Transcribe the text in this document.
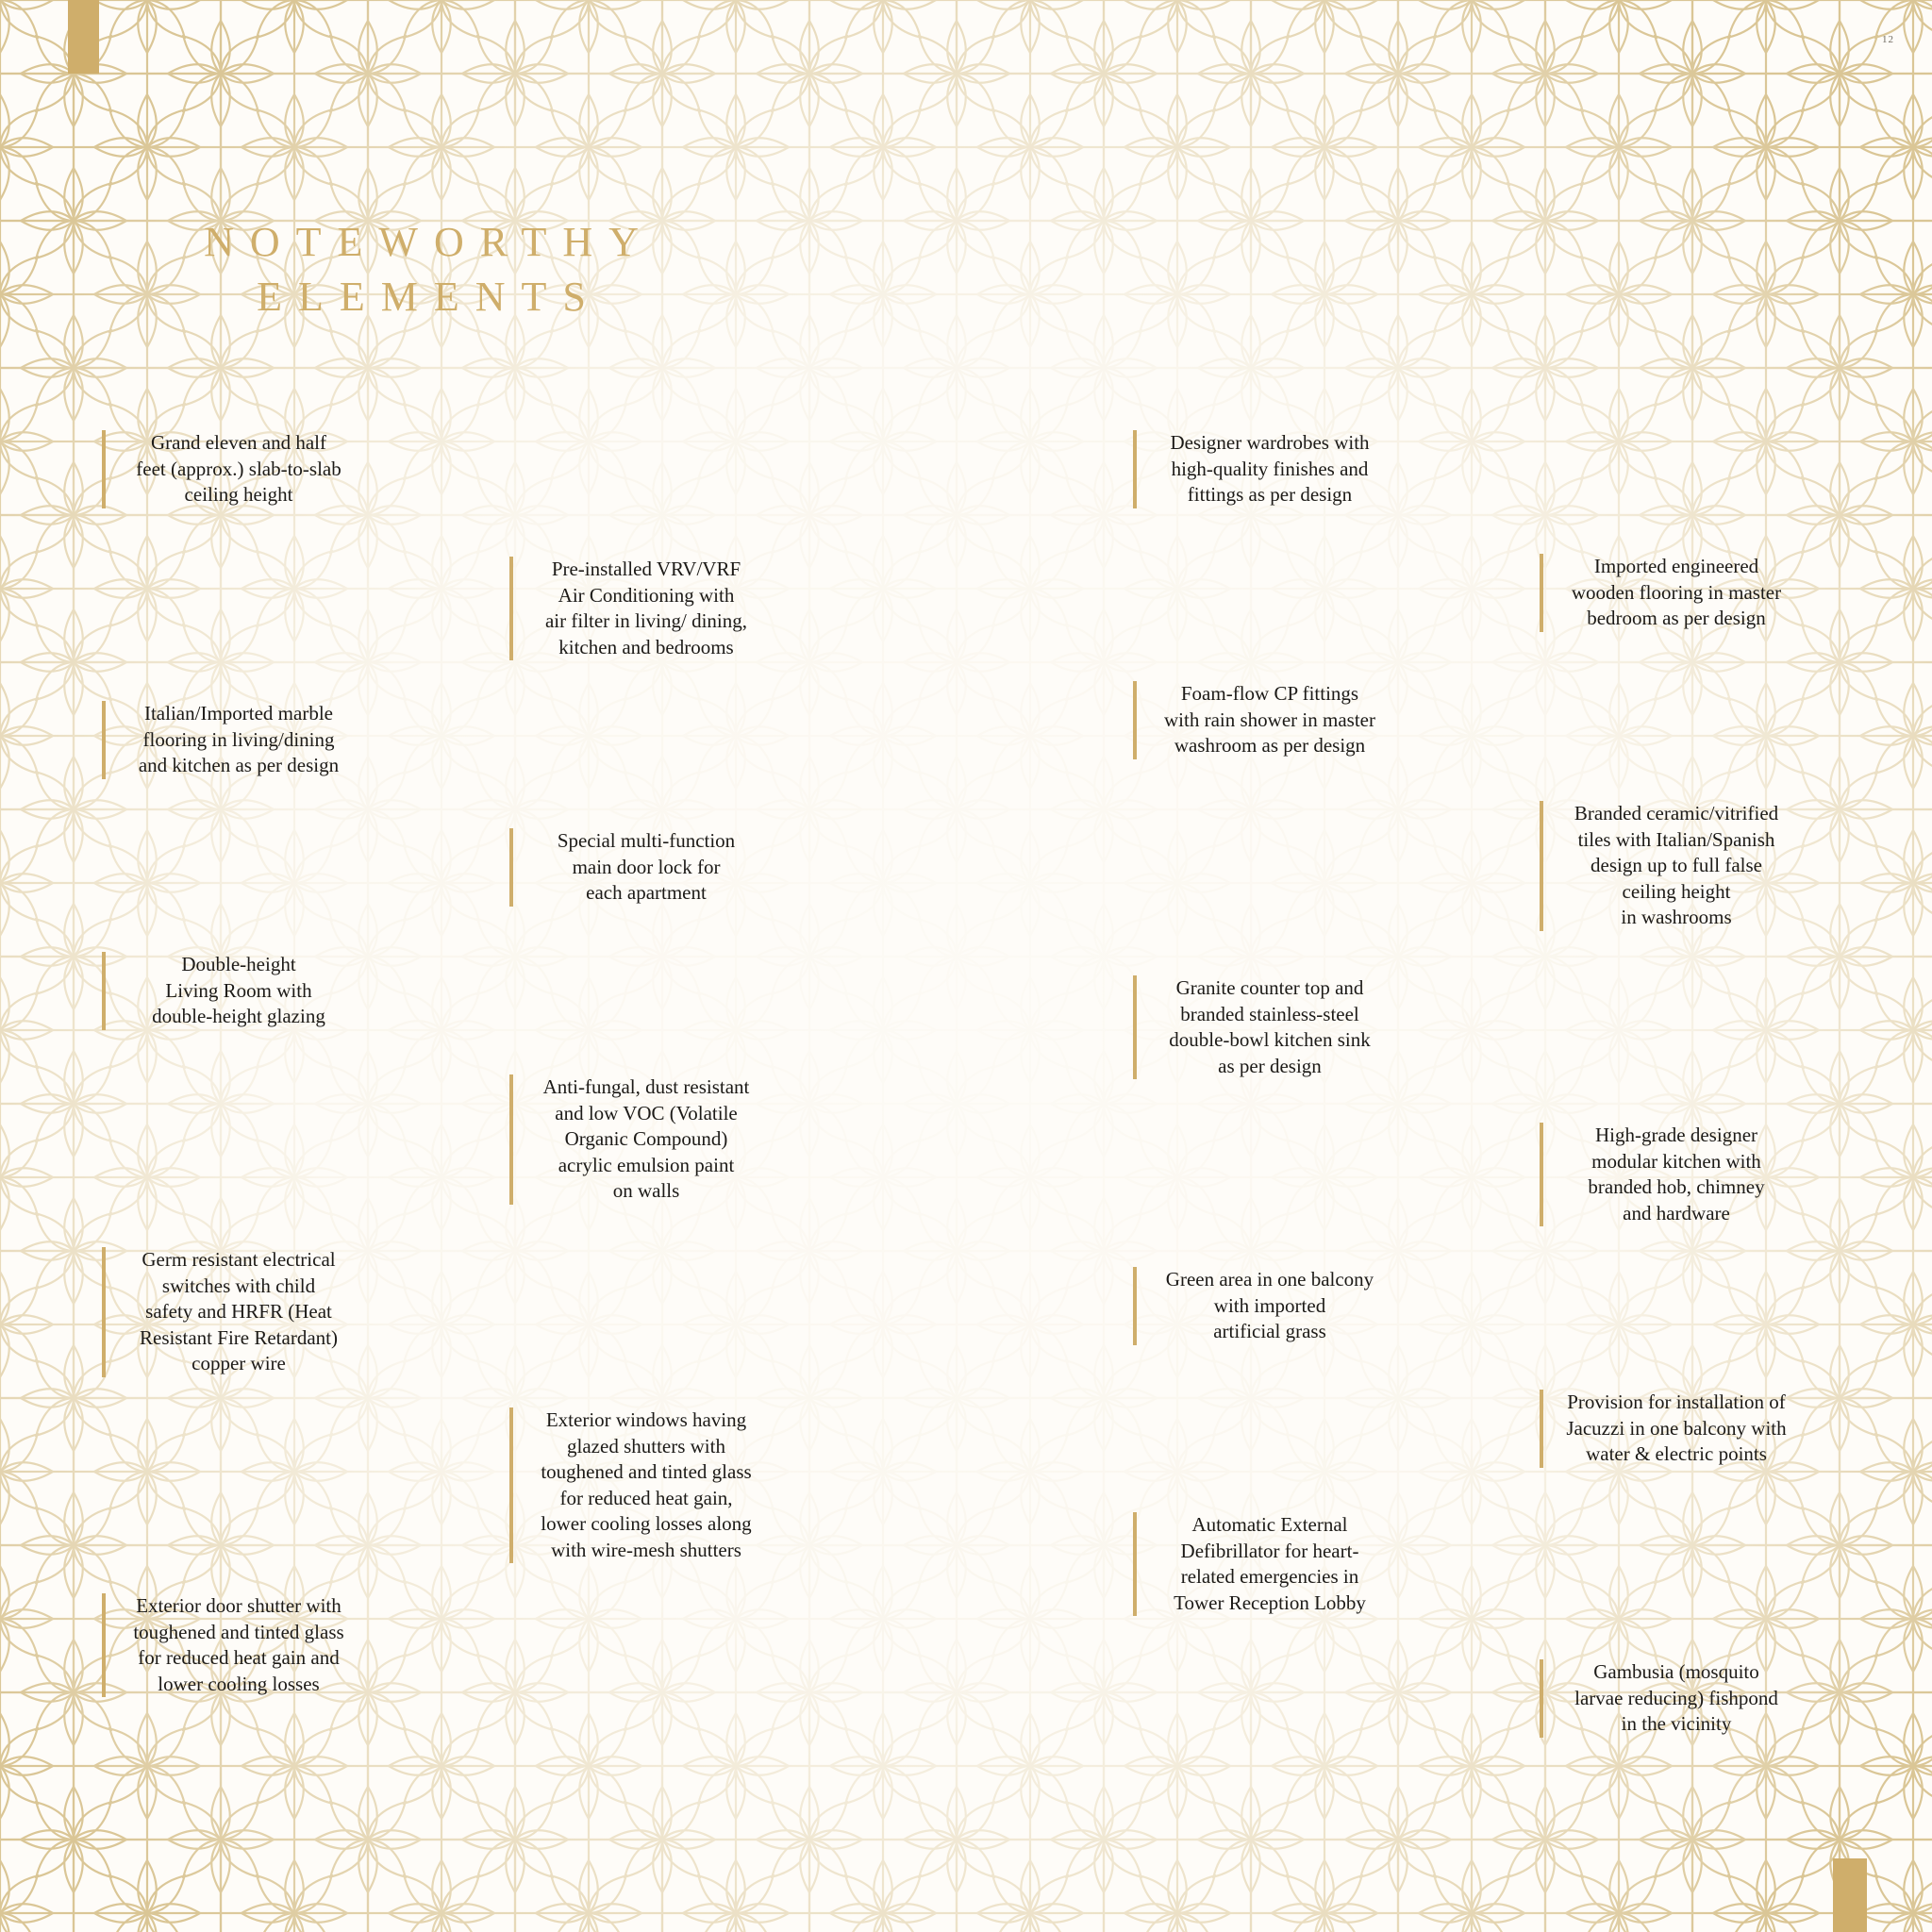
12
NOTEWORTHY
ELEMENTS

Grand eleven and half
feet (approx.) slab-to-slab
ceiling height

Italian/Imported marble
flooring in living/dining
and kitchen as per design

Double-height
Living Room with
double-height glazing

Germ resistant electrical
switches with child
safety and HRFR (Heat
Resistant Fire Retardant)
copper wire

Exterior door shutter with
toughened and tinted glass
for reduced heat gain and
lower cooling losses

Pre-installed VRV/VRF
Air Conditioning with
air filter in living/ dining,
kitchen and bedrooms

Special multi-function
main door lock for
each apartment

Anti-fungal, dust resistant
and low VOC (Volatile
Organic Compound)
acrylic emulsion paint
on walls

Exterior windows having
glazed shutters with
toughened and tinted glass
for reduced heat gain,
lower cooling losses along
with wire-mesh shutters

Designer wardrobes with
high-quality finishes and
fittings as per design

Foam-flow CP fittings
with rain shower in master
washroom as per design

Granite counter top and
branded stainless-steel
double-bowl kitchen sink
as per design

Green area in one balcony
with imported
artificial grass

Automatic External
Defibrillator for heart-
related emergencies in
Tower Reception Lobby

Imported engineered
wooden flooring in master
bedroom as per design

Branded ceramic/vitrified
tiles with Italian/Spanish
design up to full false
ceiling height
in washrooms

High-grade designer
modular kitchen with
branded hob, chimney
and hardware

Provision for installation of
Jacuzzi in one balcony with
water & electric points

Gambusia (mosquito
larvae reducing) fishpond
in the vicinity
